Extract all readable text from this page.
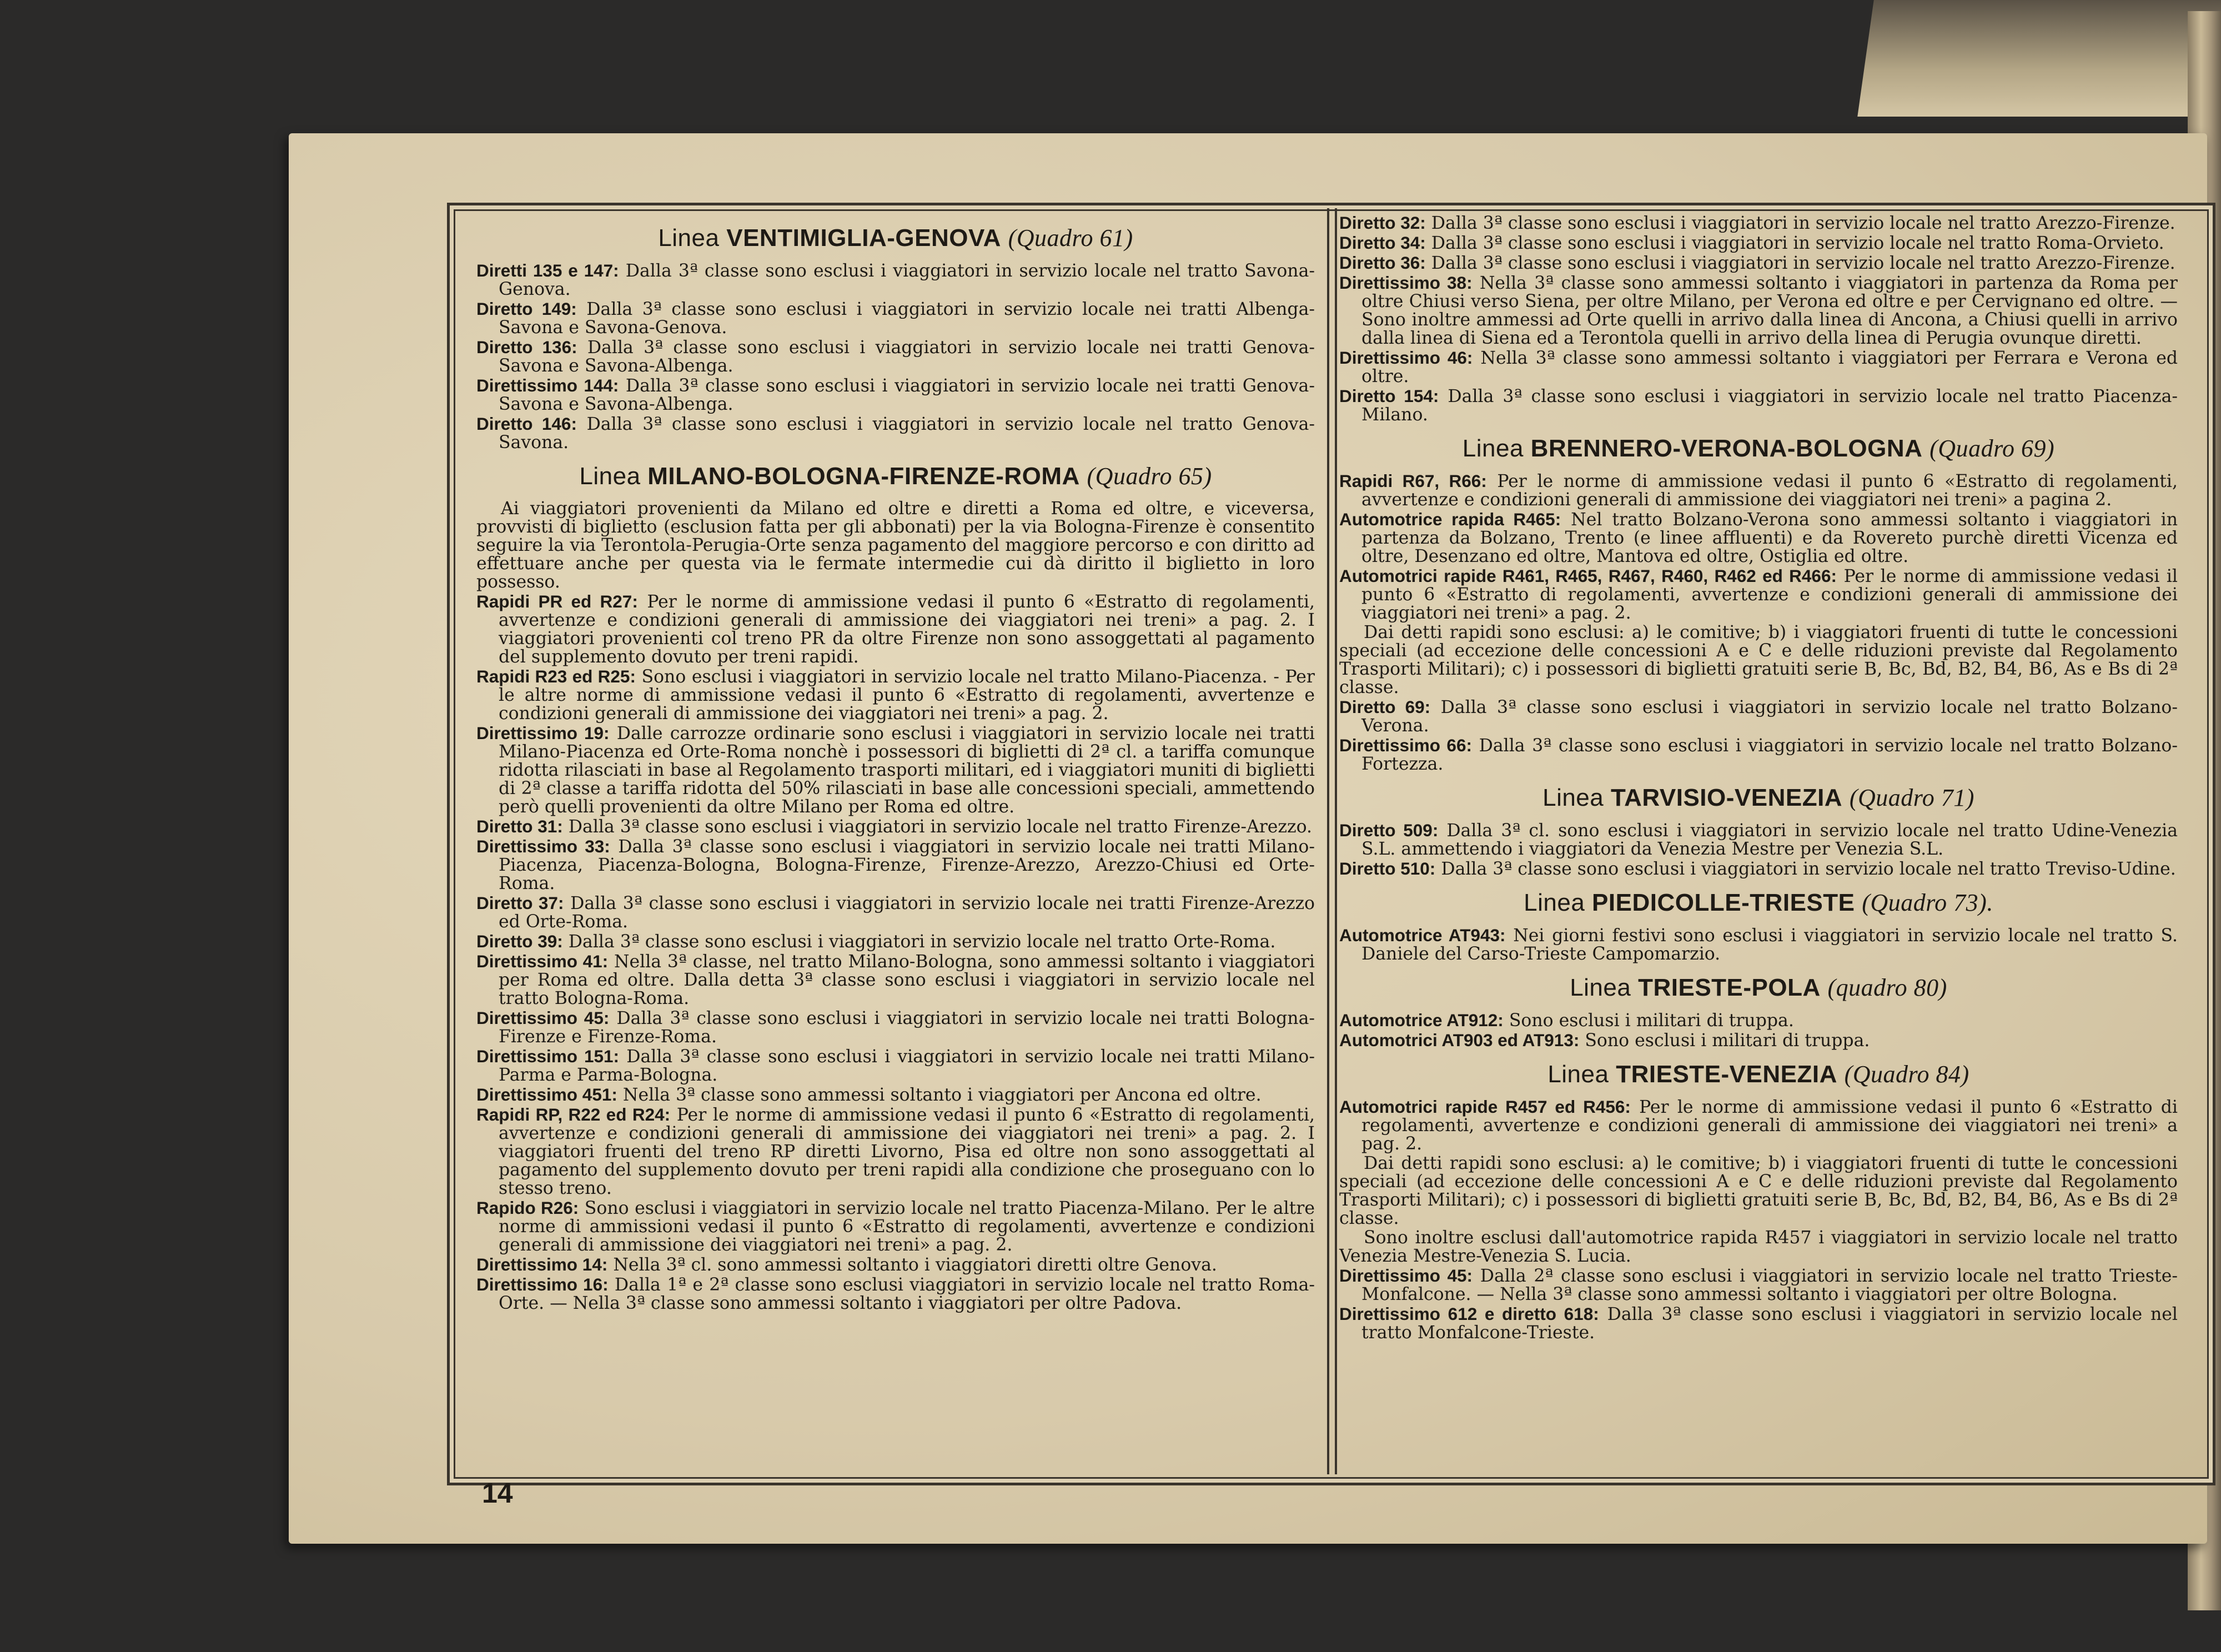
Linea VENTIMIGLIA-GENOVA (Quadro 61)
Diretti 135 e 147: Dalla 3ª classe sono esclusi i viaggiatori in servizio locale nel tratto Savona-Genova.
Diretto 149: Dalla 3ª classe sono esclusi i viaggiatori in servizio locale nei tratti Albenga-Savona e Savona-Genova.
Diretto 136: Dalla 3ª classe sono esclusi i viaggiatori in servizio locale nei tratti Genova-Savona e Savona-Albenga.
Direttissimo 144: Dalla 3ª classe sono esclusi i viaggiatori in servizio locale nei tratti Genova-Savona e Savona-Albenga.
Diretto 146: Dalla 3ª classe sono esclusi i viaggiatori in servizio locale nel tratto Genova-Savona.
Linea MILANO-BOLOGNA-FIRENZE-ROMA (Quadro 65)
Ai viaggiatori provenienti da Milano ed oltre e diretti a Roma ed oltre, e viceversa, provvisti di biglietto (esclusion fatta per gli abbonati) per la via Bologna-Firenze è consentito seguire la via Terontola-Perugia-Orte senza pagamento del maggiore percorso e con diritto ad effettuare anche per questa via le fermate intermedie cui dà diritto il biglietto in loro possesso.
Rapidi PR ed R27: Per le norme di ammissione vedasi il punto 6 «Estratto di regolamenti, avvertenze e condizioni generali di ammissione dei viaggiatori nei treni» a pag. 2. I viaggiatori provenienti col treno PR da oltre Firenze non sono assoggettati al pagamento del supplemento dovuto per treni rapidi.
Rapidi R23 ed R25: Sono esclusi i viaggiatori in servizio locale nel tratto Milano-Piacenza. - Per le altre norme di ammissione vedasi il punto 6 «Estratto di regolamenti, avvertenze e condizioni generali di ammissione dei viaggiatori nei treni» a pag. 2.
Direttissimo 19: Dalle carrozze ordinarie sono esclusi i viaggiatori in servizio locale nei tratti Milano-Piacenza ed Orte-Roma nonchè i possessori di biglietti di 2ª cl. a tariffa comunque ridotta rilasciati in base al Regolamento trasporti militari, ed i viaggiatori muniti di biglietti di 2ª classe a tariffa ridotta del 50% rilasciati in base alle concessioni speciali, ammettendo però quelli provenienti da oltre Milano per Roma ed oltre.
Diretto 31: Dalla 3ª classe sono esclusi i viaggiatori in servizio locale nel tratto Firenze-Arezzo.
Direttissimo 33: Dalla 3ª classe sono esclusi i viaggiatori in servizio locale nei tratti Milano-Piacenza, Piacenza-Bologna, Bologna-Firenze, Firenze-Arezzo, Arezzo-Chiusi ed Orte-Roma.
Diretto 37: Dalla 3ª classe sono esclusi i viaggiatori in servizio locale nei tratti Firenze-Arezzo ed Orte-Roma.
Diretto 39: Dalla 3ª classe sono esclusi i viaggiatori in servizio locale nel tratto Orte-Roma.
Direttissimo 41: Nella 3ª classe, nel tratto Milano-Bologna, sono ammessi soltanto i viaggiatori per Roma ed oltre. Dalla detta 3ª classe sono esclusi i viaggiatori in servizio locale nel tratto Bologna-Roma.
Direttissimo 45: Dalla 3ª classe sono esclusi i viaggiatori in servizio locale nei tratti Bologna-Firenze e Firenze-Roma.
Direttissimo 151: Dalla 3ª classe sono esclusi i viaggiatori in servizio locale nei tratti Milano-Parma e Parma-Bologna.
Direttissimo 451: Nella 3ª classe sono ammessi soltanto i viaggiatori per Ancona ed oltre.
Rapidi RP, R22 ed R24: Per le norme di ammissione vedasi il punto 6 «Estratto di regolamenti, avvertenze e condizioni generali di ammissione dei viaggiatori nei treni» a pag. 2. I viaggiatori fruenti del treno RP diretti Livorno, Pisa ed oltre non sono assoggettati al pagamento del supplemento dovuto per treni rapidi alla condizione che proseguano con lo stesso treno.
Rapido R26: Sono esclusi i viaggiatori in servizio locale nel tratto Piacenza-Milano. Per le altre norme di ammissioni vedasi il punto 6 «Estratto di regolamenti, avvertenze e condizioni generali di ammissione dei viaggiatori nei treni» a pag. 2.
Direttissimo 14: Nella 3ª cl. sono ammessi soltanto i viaggiatori diretti oltre Genova.
Direttissimo 16: Dalla 1ª e 2ª classe sono esclusi viaggiatori in servizio locale nel tratto Roma-Orte. — Nella 3ª classe sono ammessi soltanto i viaggiatori per oltre Padova.
Diretto 32: Dalla 3ª classe sono esclusi i viaggiatori in servizio locale nel tratto Arezzo-Firenze.
Diretto 34: Dalla 3ª classe sono esclusi i viaggiatori in servizio locale nel tratto Roma-Orvieto.
Diretto 36: Dalla 3ª classe sono esclusi i viaggiatori in servizio locale nel tratto Arezzo-Firenze.
Direttissimo 38: Nella 3ª classe sono ammessi soltanto i viaggiatori in partenza da Roma per oltre Chiusi verso Siena, per oltre Milano, per Verona ed oltre e per Cervignano ed oltre. — Sono inoltre ammessi ad Orte quelli in arrivo dalla linea di Ancona, a Chiusi quelli in arrivo dalla linea di Siena ed a Terontola quelli in arrivo della linea di Perugia ovunque diretti.
Direttissimo 46: Nella 3ª classe sono ammessi soltanto i viaggiatori per Ferrara e Verona ed oltre.
Diretto 154: Dalla 3ª classe sono esclusi i viaggiatori in servizio locale nel tratto Piacenza-Milano.
Linea BRENNERO-VERONA-BOLOGNA (Quadro 69)
Rapidi R67, R66: Per le norme di ammissione vedasi il punto 6 «Estratto di regolamenti, avvertenze e condizioni generali di ammissione dei viaggiatori nei treni» a pagina 2.
Automotrice rapida R465: Nel tratto Bolzano-Verona sono ammessi soltanto i viaggiatori in partenza da Bolzano, Trento (e linee affluenti) e da Rovereto purchè diretti Vicenza ed oltre, Desenzano ed oltre, Mantova ed oltre, Ostiglia ed oltre.
Automotrici rapide R461, R465, R467, R460, R462 ed R466: Per le norme di ammissione vedasi il punto 6 «Estratto di regolamenti, avvertenze e condizioni generali di ammissione dei viaggiatori nei treni» a pag. 2.
Dai detti rapidi sono esclusi: a) le comitive; b) i viaggiatori fruenti di tutte le concessioni speciali (ad eccezione delle concessioni A e C e delle riduzioni previste dal Regolamento Trasporti Militari); c) i possessori di biglietti gratuiti serie B, Bc, Bd, B2, B4, B6, As e Bs di 2ª classe.
Diretto 69: Dalla 3ª classe sono esclusi i viaggiatori in servizio locale nel tratto Bolzano-Verona.
Direttissimo 66: Dalla 3ª classe sono esclusi i viaggiatori in servizio locale nel tratto Bolzano-Fortezza.
Linea TARVISIO-VENEZIA (Quadro 71)
Diretto 509: Dalla 3ª cl. sono esclusi i viaggiatori in servizio locale nel tratto Udine-Venezia S.L. ammettendo i viaggiatori da Venezia Mestre per Venezia S.L.
Diretto 510: Dalla 3ª classe sono esclusi i viaggiatori in servizio locale nel tratto Treviso-Udine.
Linea PIEDICOLLE-TRIESTE (Quadro 73).
Automotrice AT943: Nei giorni festivi sono esclusi i viaggiatori in servizio locale nel tratto S. Daniele del Carso-Trieste Campomarzio.
Linea TRIESTE-POLA (quadro 80)
Automotrice AT912: Sono esclusi i militari di truppa.
Automotrici AT903 ed AT913: Sono esclusi i militari di truppa.
Linea TRIESTE-VENEZIA (Quadro 84)
Automotrici rapide R457 ed R456: Per le norme di ammissione vedasi il punto 6 «Estratto di regolamenti, avvertenze e condizioni generali di ammissione dei viaggiatori nei treni» a pag. 2.
Dai detti rapidi sono esclusi: a) le comitive; b) i viaggiatori fruenti di tutte le concessioni speciali (ad eccezione delle concessioni A e C e delle riduzioni previste dal Regolamento Trasporti Militari); c) i possessori di biglietti gratuiti serie B, Bc, Bd, B2, B4, B6, As e Bs di 2ª classe.
Sono inoltre esclusi dall'automotrice rapida R457 i viaggiatori in servizio locale nel tratto Venezia Mestre-Venezia S. Lucia.
Direttissimo 45: Dalla 2ª classe sono esclusi i viaggiatori in servizio locale nel tratto Trieste-Monfalcone. — Nella 3ª classe sono ammessi soltanto i viaggiatori per oltre Bologna.
Direttissimo 612 e diretto 618: Dalla 3ª classe sono esclusi i viaggiatori in servizio locale nel tratto Monfalcone-Trieste.
14
